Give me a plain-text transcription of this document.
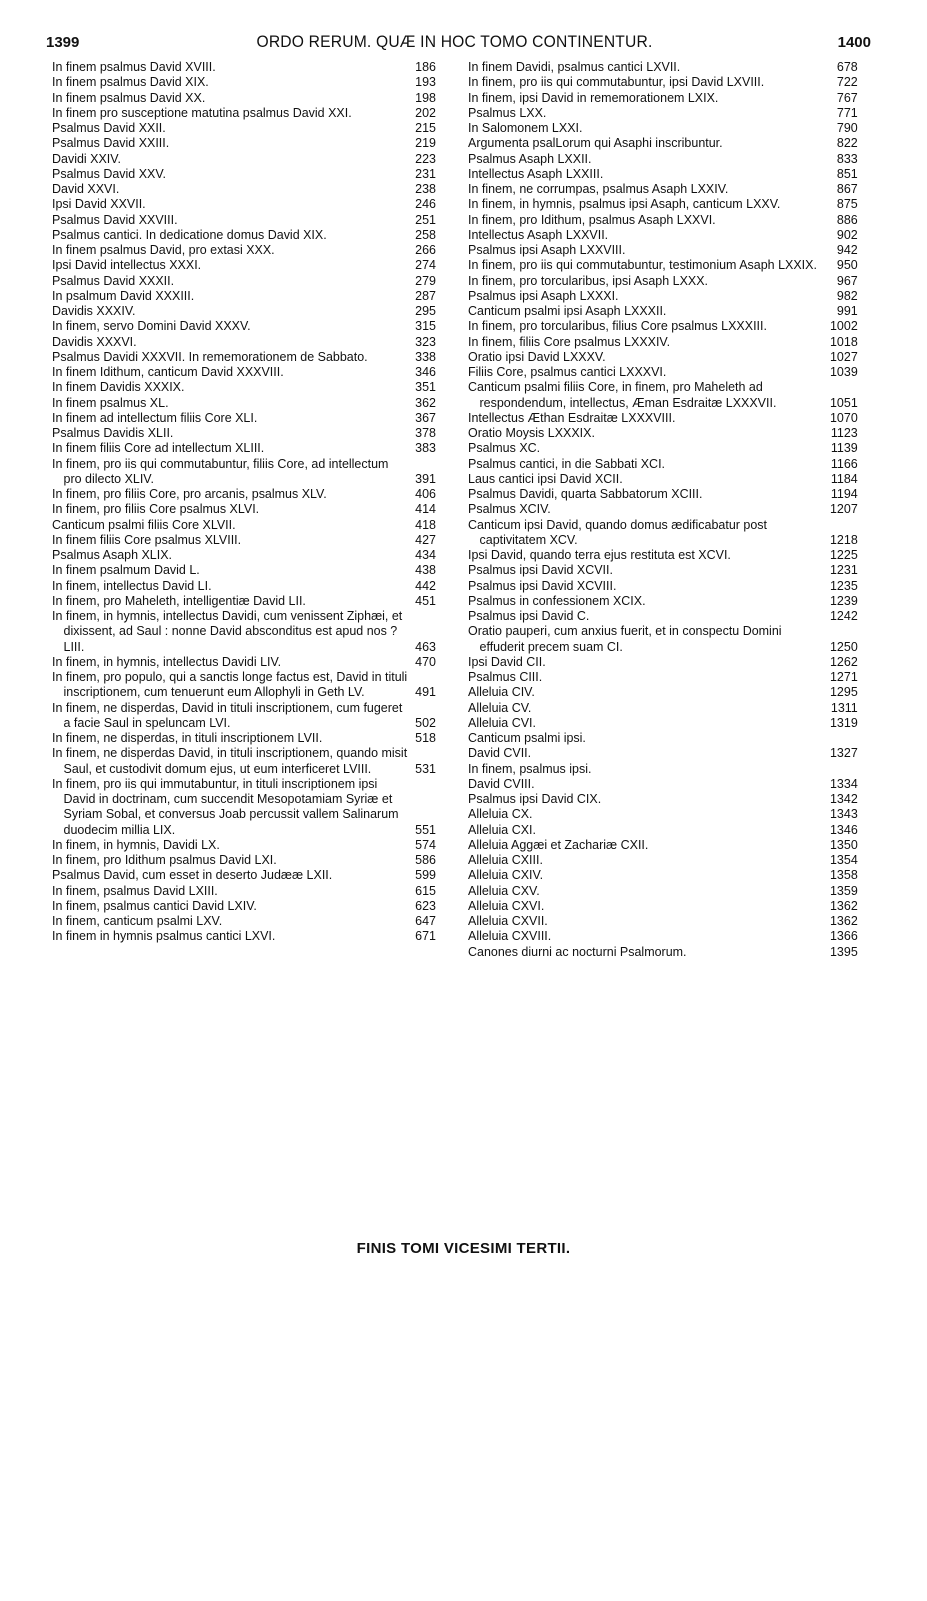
1399	ORDO RERUM. QUÆ IN HOC TOMO CONTINENTUR.	1400
In finem psalmus David XVIII.	186
In finem psalmus David XIX.	193
In finem psalmus David XX.	198
In finem pro susceptione matutina psalmus David XXI.	202
Psalmus David XXII.	215
Psalmus David XXIII.	219
Davidi XXIV.	223
Psalmus David XXV.	231
David XXVI.	238
Ipsi David XXVII.	246
Psalmus David XXVIII.	251
Psalmus cantici. In dedicatione domus David XIX.	258
In finem psalmus David, pro extasi XXX.	266
Ipsi David intellectus XXXI.	274
Psalmus David XXXII.	279
In psalmum David XXXIII.	287
Davidis XXXIV.	295
In finem, servo Domini David XXXV.	315
Davidis XXXVI.	323
Psalmus Davidi XXXVII. In rememorationem de Sabbato.	338
In finem Idithum, canticum David XXXVIII.	346
In finem Davidis XXXIX.	351
In finem psalmus XL.	362
In finem ad intellectum filiis Core XLI.	367
Psalmus Davidis XLII.	378
In finem filiis Core ad intellectum XLIII.	383
In finem, pro iis qui commutabuntur, filiis Core, ad intellectum pro dilecto XLIV.	391
In finem, pro filiis Core, pro arcanis, psalmus XLV.	406
In finem, pro filiis Core psalmus XLVI.	414
Canticum psalmi filiis Core XLVII.	418
In finem filiis Core psalmus XLVIII.	427
Psalmus Asaph XLIX.	434
In finem psalmum David L.	438
In finem, intellectus David LI.	442
In finem, pro Maheleth, intelligentiæ David LII.	451
In finem, in hymnis, intellectus Davidi, cum venissent Ziphæi, et dixissent, ad Saul : nonne David absconditus est apud nos ? LIII.	463
In finem, in hymnis, intellectus Davidi LIV.	470
In finem, pro populo, qui a sanctis longe factus est, David in tituli inscriptionem, cum tenuerunt eum Allophyli in Geth LV.	491
In finem, ne disperdas, David in tituli inscriptionem, cum fugeret a facie Saul in speluncam LVI.	502
In finem, ne disperdas, in tituli inscriptionem LVII.	518
In finem, ne disperdas David, in tituli inscriptionem, quando misit Saul, et custodivit domum ejus, ut eum interficeret LVIII.	531
In finem, pro iis qui immutabuntur, in tituli inscriptionem ipsi David in doctrinam, cum succendit Mesopotamiam Syriæ et Syriam Sobal, et conversus Joab percussit vallem Salinarum duodecim millia LIX.	551
In finem, in hymnis, Davidi LX.	574
In finem, pro Idithum psalmus David LXI.	586
Psalmus David, cum esset in deserto Judææ LXII.	599
In finem, psalmus David LXIII.	615
In finem, psalmus cantici David LXIV.	623
In finem, canticum psalmi LXV.	647
In finem in hymnis psalmus cantici LXVI.	671
In finem Davidi, psalmus cantici LXVII.	678
In finem, pro iis qui commutabuntur, ipsi David LXVIII.	722
In finem, ipsi David in rememorationem LXIX.	767
Psalmus LXX.	771
In Salomonem LXXI.	790
Argumenta psalLorum qui Asaphi inscribuntur.	822
Psalmus Asaph LXXII.	833
Intellectus Asaph LXXIII.	851
In finem, ne corrumpas, psalmus Asaph LXXIV.	867
In finem, in hymnis, psalmus ipsi Asaph, canticum LXXV.	875
In finem, pro Idithum, psalmus Asaph LXXVI.	886
Intellectus Asaph LXXVII.	902
Psalmus ipsi Asaph LXXVIII.	942
In finem, pro iis qui commutabuntur, testimonium Asaph LXXIX.	950
In finem, pro torcularibus, ipsi Asaph LXXX.	967
Psalmus ipsi Asaph LXXXI.	982
Canticum psalmi ipsi Asaph LXXXII.	991
In finem, pro torcularibus, filius Core psalmus LXXXIII.	1002
In finem, filiis Core psalmus LXXXIV.	1018
Oratio ipsi David LXXXV.	1027
Filiis Core, psalmus cantici LXXXVI.	1039
Canticum psalmi filiis Core, in finem, pro Maheleth ad respondendum, intellectus, Æman Esdraitæ LXXXVII.	1051
Intellectus Æthan Esdraitæ LXXXVIII.	1070
Oratio Moysis LXXXIX.	1123
Psalmus XC.	1139
Psalmus cantici, in die Sabbati XCI.	1166
Laus cantici ipsi David XCII.	1184
Psalmus Davidi, quarta Sabbatorum XCIII.	1194
Psalmus XCIV.	1207
Canticum ipsi David, quando domus ædificabatur post captivitatem XCV.	1218
Ipsi David, quando terra ejus restituta est XCVI.	1225
Psalmus ipsi David XCVII.	1231
Psalmus ipsi David XCVIII.	1235
Psalmus in confessionem XCIX.	1239
Psalmus ipsi David C.	1242
Oratio pauperi, cum anxius fuerit, et in conspectu Domini effuderit precem suam CI.	1250
Ipsi David CII.	1262
Psalmus CIII.	1271
Alleluia CIV.	1295
Alleluia CV.	1311
Alleluia CVI.	1319
Canticum psalmi ipsi.
David CVII.	1327
In finem, psalmus ipsi.
David CVIII.	1334
Psalmus ipsi David CIX.	1342
Alleluia CX.	1343
Alleluia CXI.	1346
Alleluia Aggæi et Zachariæ CXII.	1350
Alleluia CXIII.	1354
Alleluia CXIV.	1358
Alleluia CXV.	1359
Alleluia CXVI.	1362
Alleluia CXVII.	1362
Alleluia CXVIII.	1366
Canones diurni ac nocturni Psalmorum.	1395
FINIS TOMI VICESIMI TERTII.
